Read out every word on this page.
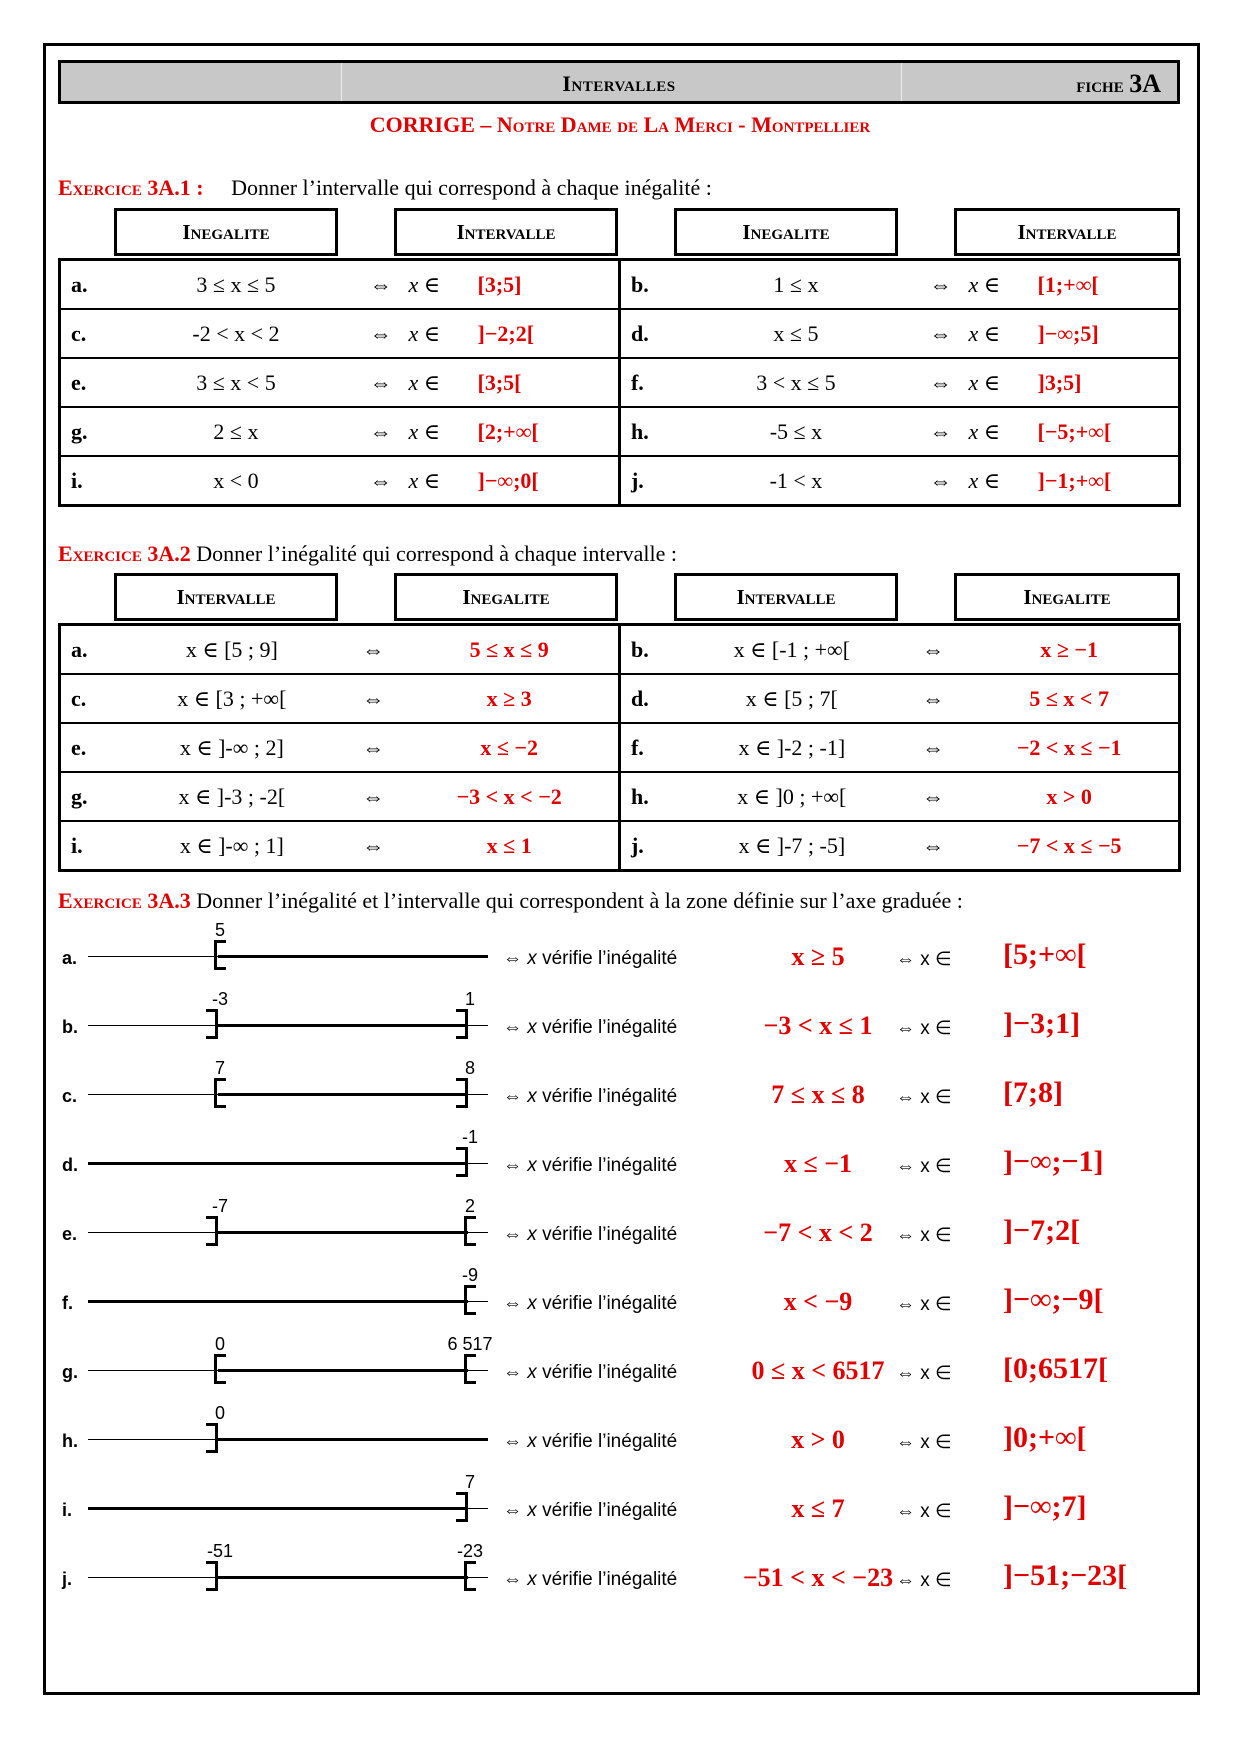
Intervalles	fiche 3A
CORRIGE – Notre Dame de La Merci - Montpellier
Exercice 3A.1 : Donner l’intervalle qui correspond à chaque inégalité :
Inegalite	Intervalle	Inegalite	Intervalle
a.	3 ≤ x ≤ 5	⇔	x ∈	[3;5]	b.	1 ≤ x	⇔	x ∈	[1;+∞[
c.	-2 < x < 2	⇔	x ∈	]−2;2[	d.	x ≤ 5	⇔	x ∈	]−∞;5]
e.	3 ≤ x < 5	⇔	x ∈	[3;5[	f.	3 < x ≤ 5	⇔	x ∈	]3;5]
g.	2 ≤ x	⇔	x ∈	[2;+∞[	h.	-5 ≤ x	⇔	x ∈	[−5;+∞[
i.	x < 0	⇔	x ∈	]−∞;0[	j.	-1 < x	⇔	x ∈	]−1;+∞[
Exercice 3A.2 Donner l’inégalité qui correspond à chaque intervalle :
Intervalle	Inegalite	Intervalle	Inegalite
a.	x ∈ [5 ; 9]	⇔	5 ≤ x ≤ 9	b.	x ∈ [-1 ; +∞[	⇔	x ≥ −1
c.	x ∈ [3 ; +∞[	⇔	x ≥ 3	d.	x ∈ [5 ; 7[	⇔	5 ≤ x < 7
e.	x ∈ ]-∞ ; 2]	⇔	x ≤ −2	f.	x ∈ ]-2 ; -1]	⇔	−2 < x ≤ −1
g.	x ∈ ]-3 ; -2[	⇔	−3 < x < −2	h.	x ∈ ]0 ; +∞[	⇔	x > 0
i.	x ∈ ]-∞ ; 1]	⇔	x ≤ 1	j.	x ∈ ]-7 ; -5]	⇔	−7 < x ≤ −5
Exercice 3A.3 Donner l’inégalité et l’intervalle qui correspondent à la zone définie sur l’axe graduée :
a.
5
⇔ x vérifie l’inégalité	x ≥ 5	⇔ x ∈ [5;+∞[
b.
-3	1
⇔ x vérifie l’inégalité	−3 < x ≤ 1	⇔ x ∈ ]−3;1]
c.
7	8
⇔ x vérifie l’inégalité	7 ≤ x ≤ 8	⇔ x ∈ [7;8]
d.
-1
⇔ x vérifie l’inégalité	x ≤ −1	⇔ x ∈ ]−∞;−1]
e.
-7	2
⇔ x vérifie l’inégalité	−7 < x < 2	⇔ x ∈ ]−7;2[
f.
-9
⇔ x vérifie l’inégalité	x < −9	⇔ x ∈ ]−∞;−9[
g.
0	6 517
⇔ x vérifie l’inégalité	0 ≤ x < 6517 ⇔ x ∈ [0;6517[
h.
0
⇔ x vérifie l’inégalité	x > 0	⇔ x ∈ ]0;+∞[
i.
7
⇔ x vérifie l’inégalité	x ≤ 7	⇔ x ∈ ]−∞;7]
j.
-51	-23
⇔ x vérifie l’inégalité	−51 < x < −23 ⇔ x ∈ ]−51;−23[
